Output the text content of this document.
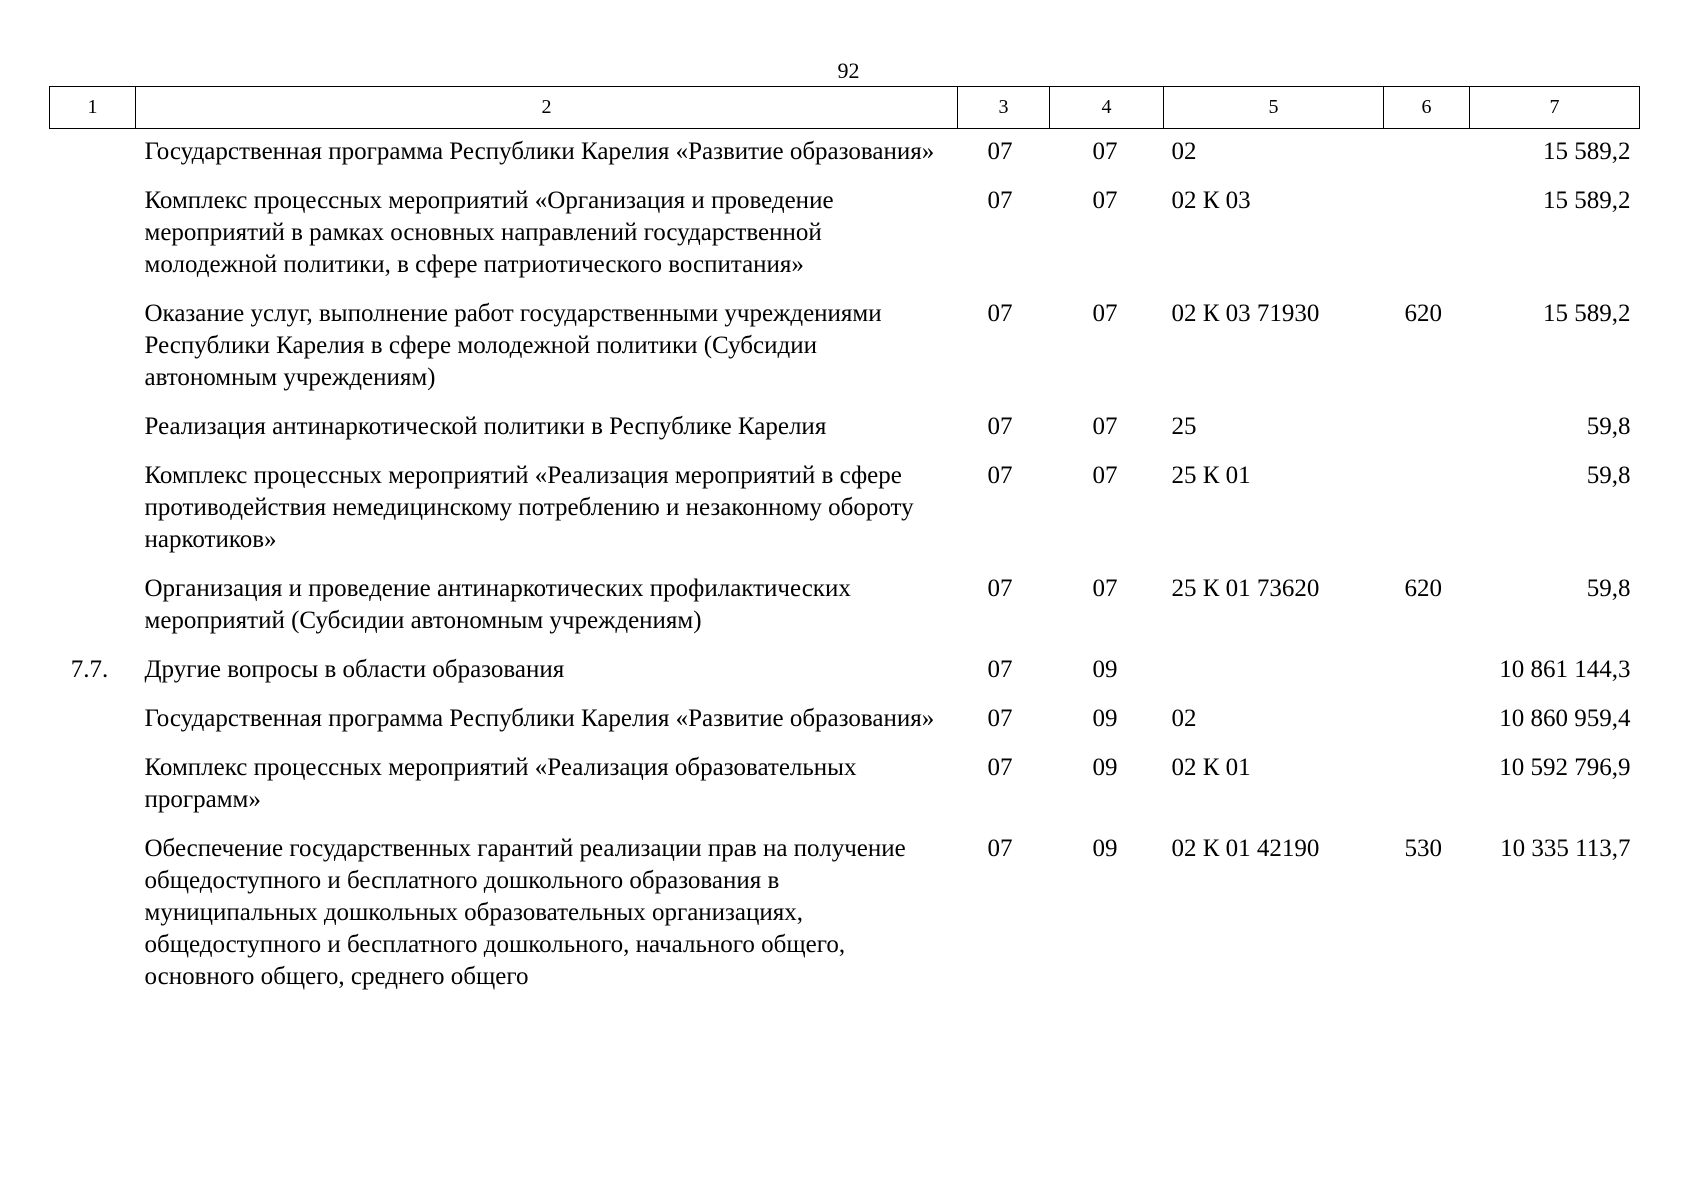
92
1	2	3	4	5	6	7
	Государственная программа Республики Карелия «Развитие образования»	07	07	02		15 589,2
	Комплекс процессных мероприятий «Организация и проведение мероприятий в рамках основных направлений государственной молодежной политики, в сфере патриотического воспитания»	07	07	02 К 03		15 589,2
	Оказание услуг, выполнение работ государственными учреждениями Республики Карелия в сфере молодежной политики (Субсидии автономным учреждениям)	07	07	02 К 03 71930	620	15 589,2
	Реализация антинаркотической политики в Республике Карелия	07	07	25		59,8
	Комплекс процессных мероприятий «Реализация мероприятий в сфере противодействия немедицинскому потреблению и незаконному обороту наркотиков»	07	07	25 К 01		59,8
	Организация и проведение антинаркотических профилактических мероприятий (Субсидии автономным учреждениям)	07	07	25 К 01 73620	620	59,8
7.7.	Другие вопросы в области образования	07	09			10 861 144,3
	Государственная программа Республики Карелия «Развитие образования»	07	09	02		10 860 959,4
	Комплекс процессных мероприятий «Реализация образовательных программ»	07	09	02 К 01		10 592 796,9
	Обеспечение государственных гарантий реализации прав на получение общедоступного и бесплатного дошкольного образования в муниципальных дошкольных образовательных организациях, общедоступного и бесплатного дошкольного, начального общего, основного общего, среднего общего	07	09	02 К 01 42190	530	10 335 113,7
